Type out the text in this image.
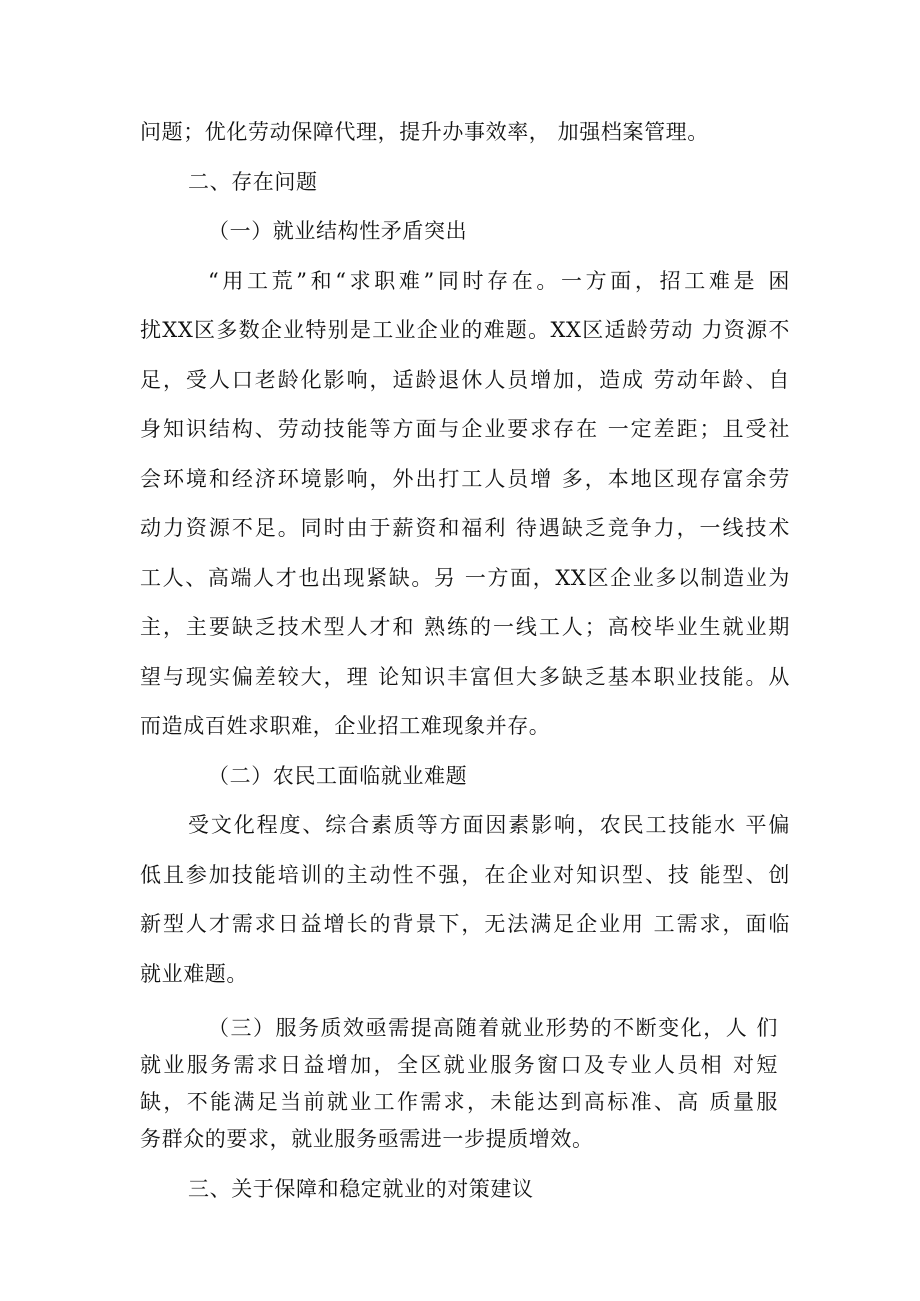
问题；优化劳动保障代理，提升办事效率， 加强档案管理。
二、存在问题
（一）就业结构性矛盾突出
“用工荒”和“求职难”同时存在。一方面，招工难是 困
扰XX区多数企业特别是工业企业的难题。XX区适龄劳动 力资源不
足，受人口老龄化影响，适龄退休人员增加，造成 劳动年龄、自
身知识结构、劳动技能等方面与企业要求存在 一定差距；且受社
会环境和经济环境影响，外出打工人员增 多，本地区现存富余劳
动力资源不足。同时由于薪资和福利 待遇缺乏竞争力，一线技术
工人、高端人才也出现紧缺。另 一方面，XX区企业多以制造业为
主，主要缺乏技术型人才和 熟练的一线工人；高校毕业生就业期
望与现实偏差较大，理 论知识丰富但大多缺乏基本职业技能。从
而造成百姓求职难，企业招工难现象并存。
（二）农民工面临就业难题
受文化程度、综合素质等方面因素影响，农民工技能水 平偏
低且参加技能培训的主动性不强，在企业对知识型、技 能型、创
新型人才需求日益增长的背景下，无法满足企业用 工需求，面临
就业难题。
（三）服务质效亟需提高随着就业形势的不断变化，人 们
就业服务需求日益增加，全区就业服务窗口及专业人员相 对短
缺，不能满足当前就业工作需求，未能达到高标准、高 质量服
务群众的要求，就业服务亟需进一步提质增效。
三、关于保障和稳定就业的对策建议
